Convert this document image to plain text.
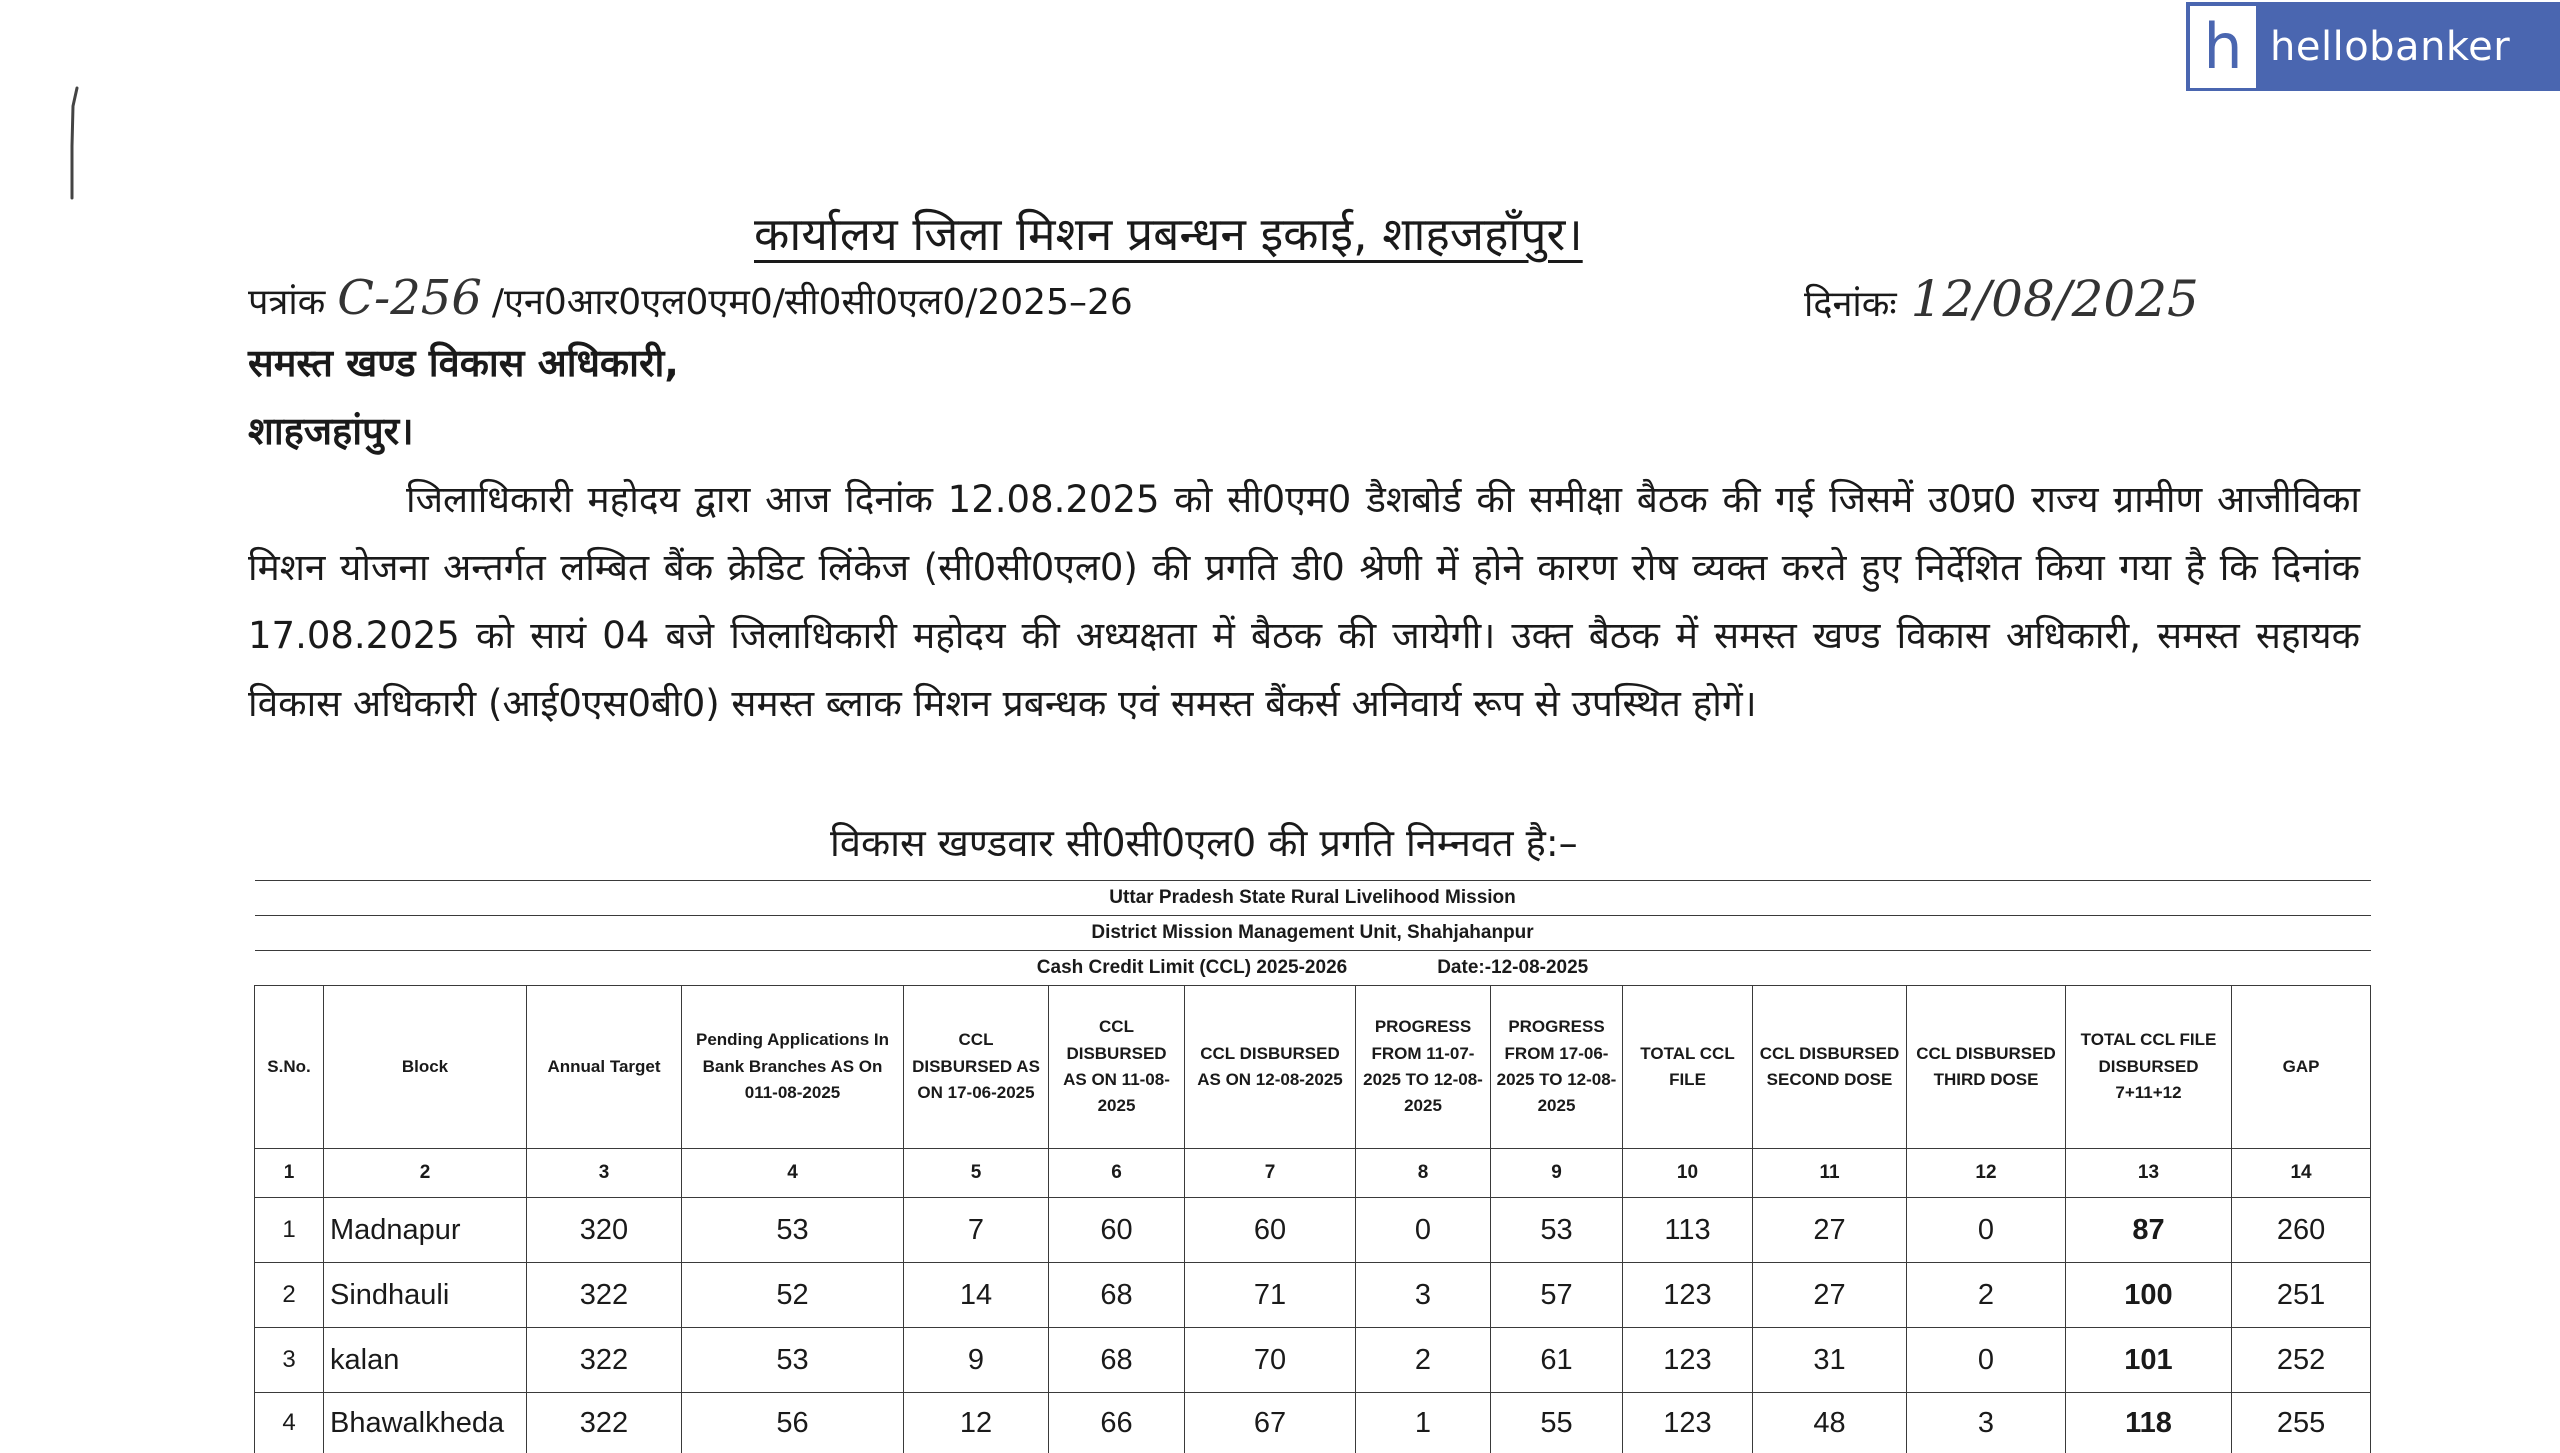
h hellobanker
कार्यालय जिला मिशन प्रबन्धन इकाई, शाहजहाँपुर।
पत्रांक C-256 /एन0आर0एल0एम0/सी0सी0एल0/2025–26	दिनांकः 12/08/2025
समस्त खण्ड विकास अधिकारी,
शाहजहांपुर।
जिलाधिकारी महोदय द्वारा आज दिनांक 12.08.2025 को सी0एम0 डैशबोर्ड की समीक्षा बैठक की गई जिसमें उ0प्र0 राज्य ग्रामीण आजीविका मिशन योजना अन्तर्गत लम्बित बैंक क्रेडिट लिंकेज (सी0सी0एल0) की प्रगति डी0 श्रेणी में होने कारण रोष व्यक्त करते हुए निर्देशित किया गया है कि दिनांक 17.08.2025 को सायं 04 बजे जिलाधिकारी महोदय की अध्यक्षता में बैठक की जायेगी। उक्त बैठक में समस्त खण्ड विकास अधिकारी, समस्त सहायक विकास अधिकारी (आई0एस0बी0) समस्त ब्लाक मिशन प्रबन्धक एवं समस्त बैंकर्स अनिवार्य रूप से उपस्थित होगें।
विकास खण्डवार सी0सी0एल0 की प्रगति निम्नवत है:–
Uttar Pradesh State Rural Livelihood Mission													
District Mission Management Unit, Shahjahanpur													
Cash Credit Limit (CCL) 2025-2026 Date:-12-08-2025													
S.No.	Block	Annual Target	Pending Applications In Bank Branches AS On 011-08-2025	CCL DISBURSED AS ON 17-06-2025	CCL DISBURSED AS ON 11-08-2025	CCL DISBURSED AS ON 12-08-2025	PROGRESS FROM 11-07-2025 TO 12-08-2025	PROGRESS FROM 17-06-2025 TO 12-08-2025	TOTAL CCL FILE	CCL DISBURSED SECOND DOSE	CCL DISBURSED THIRD DOSE	TOTAL CCL FILE DISBURSED 7+11+12	GAP
1	2	3	4	5	6	7	8	9	10	11	12	13	14
1	Madnapur	320	53	7	60	60	0	53	113	27	0	87	260
2	Sindhauli	322	52	14	68	71	3	57	123	27	2	100	251
3	kalan	322	53	9	68	70	2	61	123	31	0	101	252
4	Bhawalkheda	322	56	12	66	67	1	55	123	48	3	118	255
